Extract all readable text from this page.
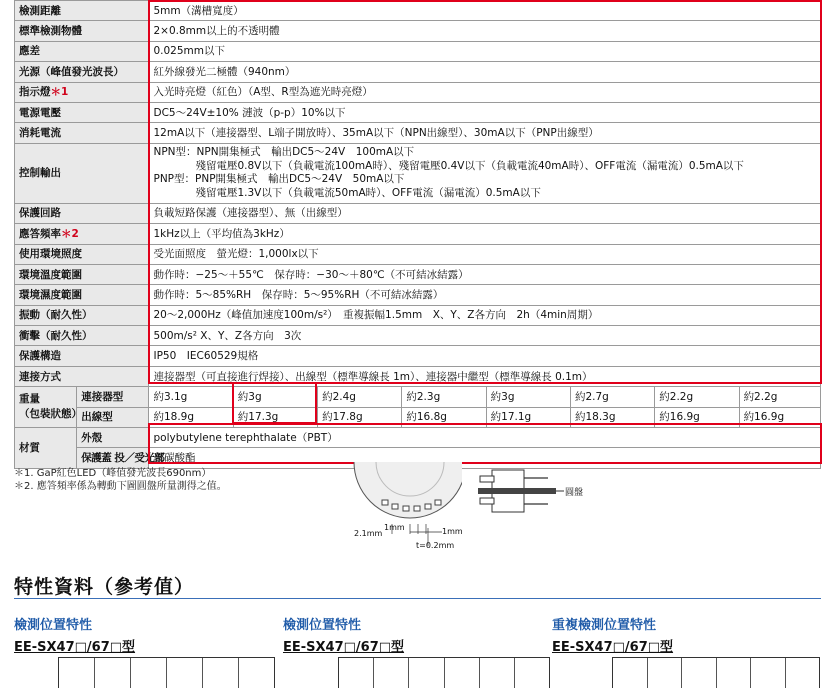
檢測距離		5mm（溝槽寬度）							
標準檢測物體		2×0.8mm以上的不透明體							
應差		0.025mm以下							
光源（峰值發光波長）		紅外線發光二極體（940nm）							
指示燈＊1		入光時亮燈（紅色）（A型、R型為遮光時亮燈）							
電源電壓		DC5～24V±10% 漣波（p-p）10%以下							
消耗電流		12mA以下（連接器型、L端子開放時）、35mA以下（NPN出線型）、30mA以下（PNP出線型）							
控制輸出		NPN型：NPN開集極式　輸出DC5～24V　100mA以下
　　　　殘留電壓0.8V以下（負載電流100mA時）、殘留電壓0.4V以下（負載電流40mA時）、OFF電流（漏電流）0.5mA以下
PNP型：PNP開集極式　輸出DC5～24V　50mA以下
　　　　殘留電壓1.3V以下（負載電流50mA時）、OFF電流（漏電流）0.5mA以下							
保護回路		負載短路保護（連接器型）、無（出線型）							
應答頻率＊2		1kHz以上（平均值為3kHz）							
使用環境照度		受光面照度　螢光燈：1,000lx以下							
環境溫度範圍		動作時：−25～＋55℃　保存時：−30～＋80℃（不可結冰結露）							
環境濕度範圍		動作時：5～85%RH　保存時：5～95%RH（不可結冰結露）							
振動（耐久性）		20～2,000Hz（峰值加速度100m/s²）　重複振幅1.5mm　X、Y、Z各方向　2h（4min周期）							
衝擊（耐久性）		500m/s² X、Y、Z各方向　3次							
保護構造		IP50　IEC60529規格							
連接方式		連接器型（可直接進行焊接）、出線型（標準導線長 1m）、連接器中繼型（標準導線長 0.1m）							
重量
（包裝狀態）	連接器型	約3.1g	約3g	約2.4g	約2.3g	約3g	約2.7g	約2.2g	約2.2g
	出線型	約18.9g	約17.3g	約17.8g	約16.8g	約17.1g	約18.3g	約16.9g	約16.9g
材質	外殼	polybutylene terephthalate（PBT）							
	保護蓋 投／受光部	聚碳酸酯							
＊1. GaP紅色LED（峰值發光波長690nm）
＊2. 應答頻率係為轉動下圖圓盤所量測得之值。
圓盤
2.1mm
1mm	1mm
t=0.2mm
特性資料（參考值）
檢測位置特性
EE-SX47□/67□型
檢測位置特性
EE-SX47□/67□型
重複檢測位置特性
EE-SX47□/67□型
